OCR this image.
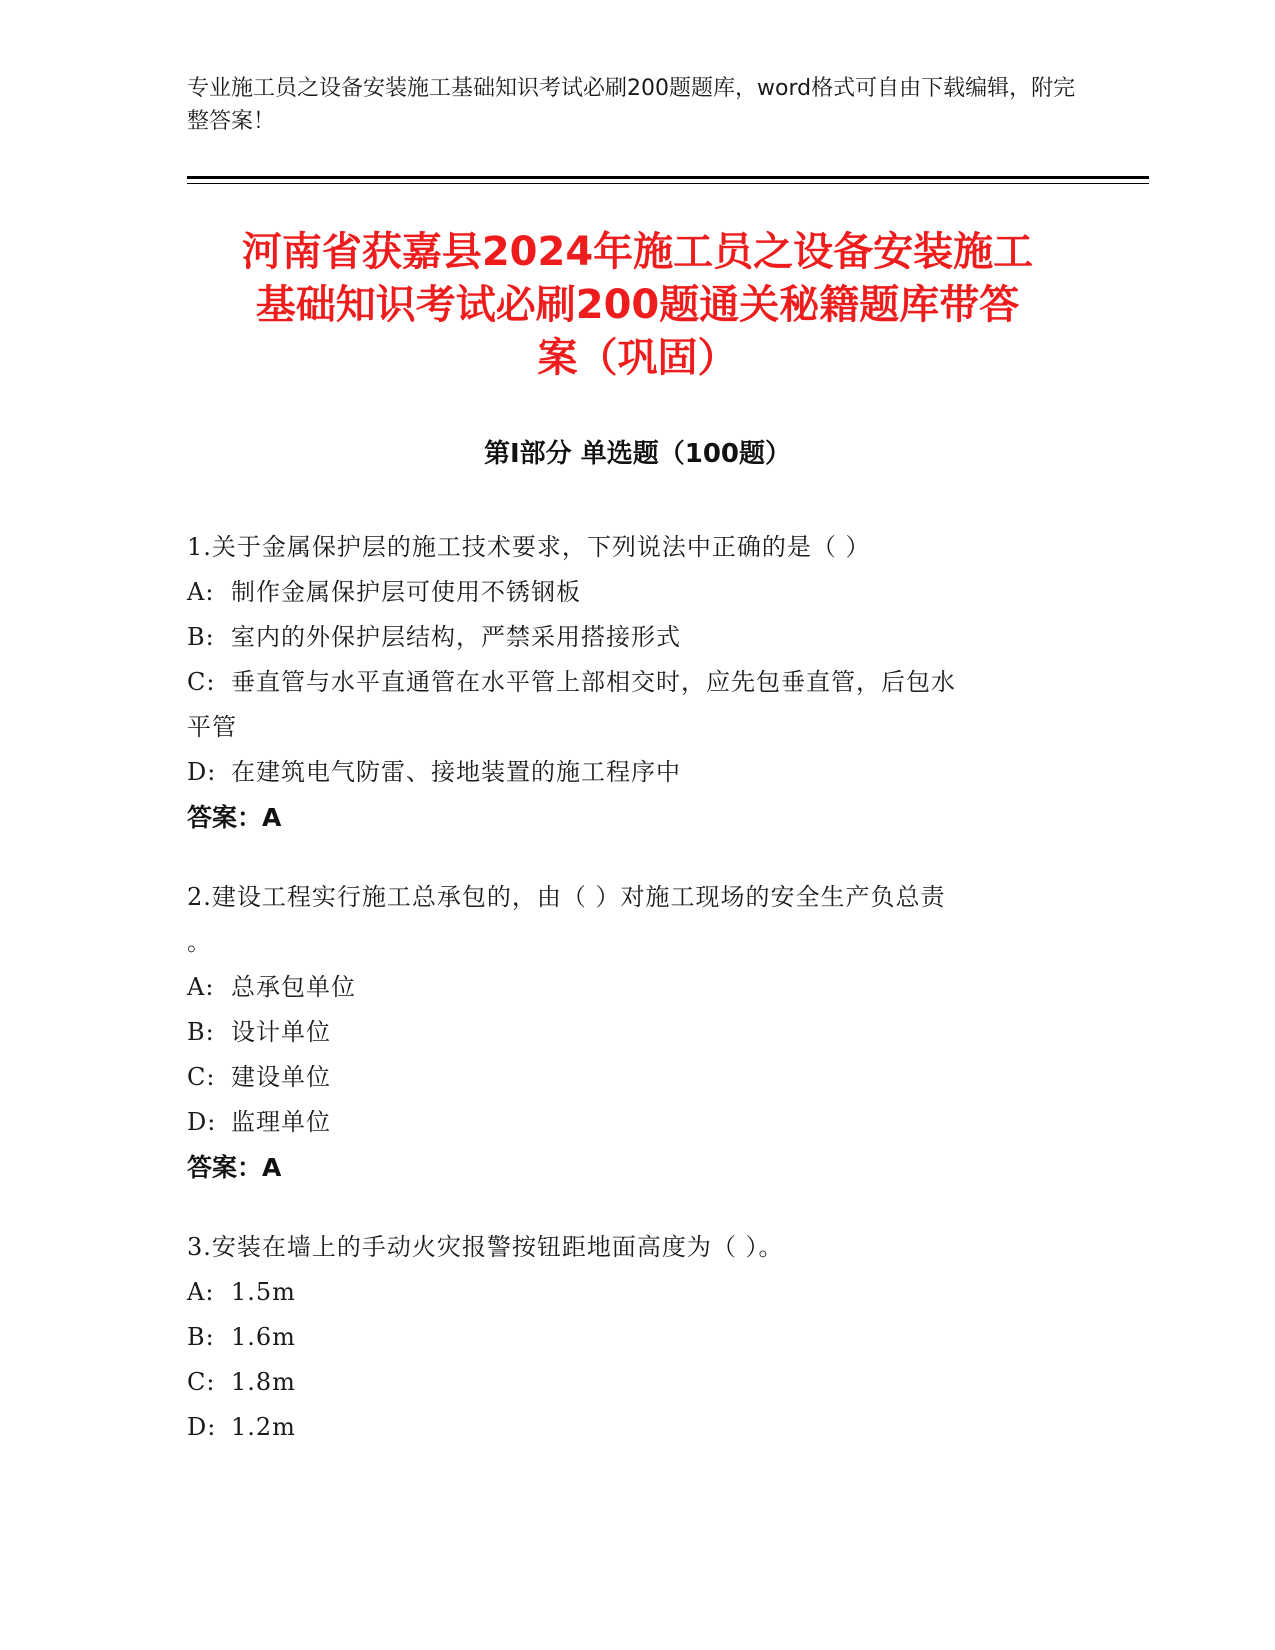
专业施工员之设备安装施工基础知识考试必刷200题题库，word格式可自由下载编辑，附完整答案！
河南省获嘉县2024年施工员之设备安装施工
基础知识考试必刷200题通关秘籍题库带答
案（巩固）
第Ⅰ部分 单选题（100题）
1.关于金属保护层的施工技术要求，下列说法中正确的是（ ）
A: 制作金属保护层可使用不锈钢板
B: 室内的外保护层结构，严禁采用搭接形式
C: 垂直管与水平直通管在水平管上部相交时，应先包垂直管，后包水
平管
D: 在建筑电气防雷、接地装置的施工程序中
答案：A
2.建设工程实行施工总承包的，由（ ）对施工现场的安全生产负总责
。
A: 总承包单位
B: 设计单位
C: 建设单位
D: 监理单位
答案：A
3.安装在墙上的手动火灾报警按钮距地面高度为（ ）。
A: 1.5m
B: 1.6m
C: 1.8m
D: 1.2m
